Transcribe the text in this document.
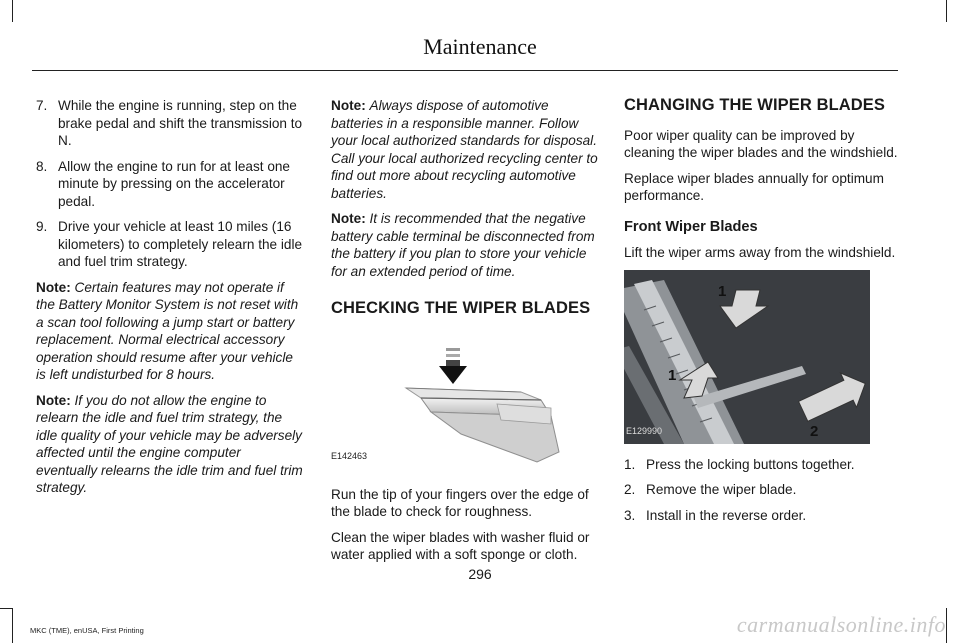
Maintenance
7. While the engine is running, step on the brake pedal and shift the transmission to N.
8. Allow the engine to run for at least one minute by pressing on the accelerator pedal.
9. Drive your vehicle at least 10 miles (16 kilometers) to completely relearn the idle and fuel trim strategy.

Note: Certain features may not operate if the Battery Monitor System is not reset with a scan tool following a jump start or battery replacement. Normal electrical accessory operation should resume after your vehicle is left undisturbed for 8 hours.

Note: If you do not allow the engine to relearn the idle and fuel trim strategy, the idle quality of your vehicle may be adversely affected until the engine computer eventually relearns the idle trim and fuel trim strategy.

Note: Always dispose of automotive batteries in a responsible manner. Follow your local authorized standards for disposal. Call your local authorized recycling center to find out more about recycling automotive batteries.

Note: It is recommended that the negative battery cable terminal be disconnected from the battery if you plan to store your vehicle for an extended period of time.

CHECKING THE WIPER BLADES
E142463

Run the tip of your fingers over the edge of the blade to check for roughness.

Clean the wiper blades with washer fluid or water applied with a soft sponge or cloth.

CHANGING THE WIPER BLADES

Poor wiper quality can be improved by cleaning the wiper blades and the windshield.

Replace wiper blades annually for optimum performance.

Front Wiper Blades

Lift the wiper arms away from the windshield.

1
1
2
E129990
1. Press the locking buttons together.
2. Remove the wiper blade.
3. Install in the reverse order.
296
MKC (TME), enUSA, First Printing	carmanualsonline.info
